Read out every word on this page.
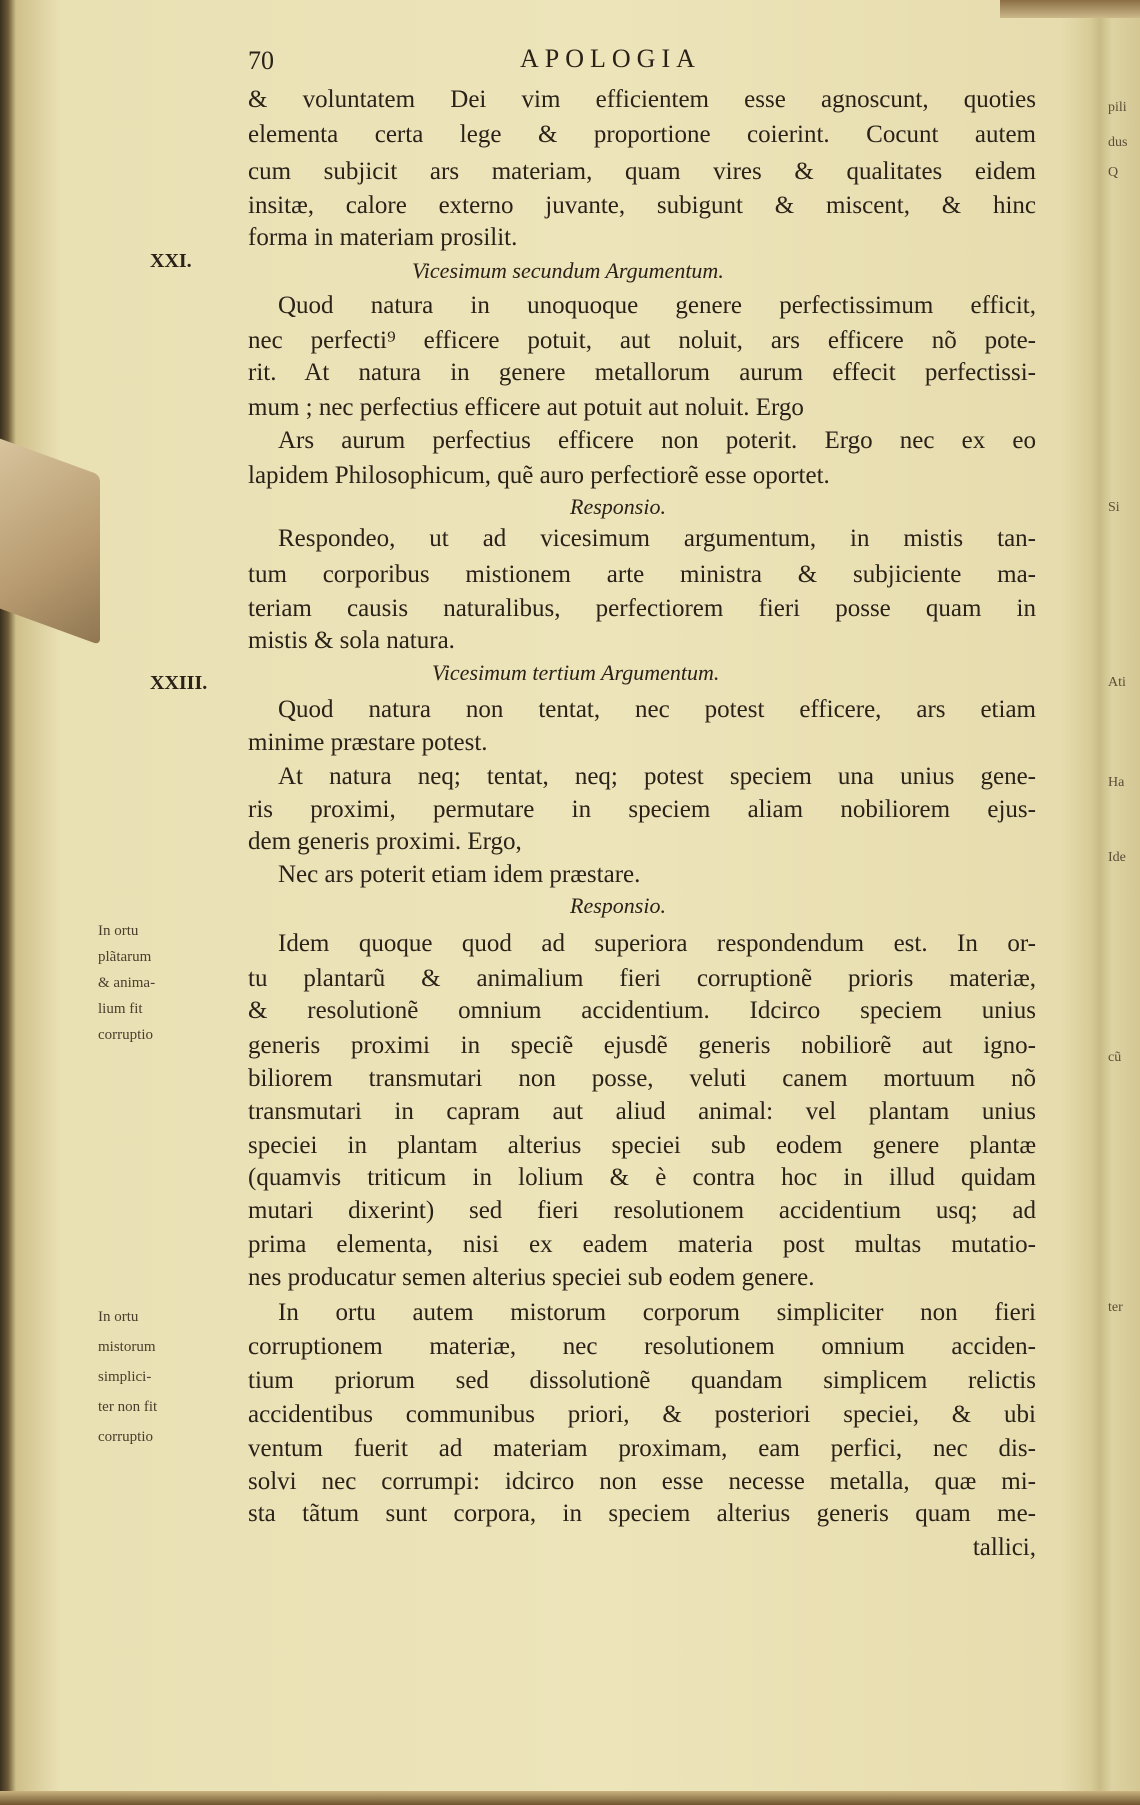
70	APOLOGIA
& voluntatem Dei vim efficientem esse agnoscunt, quoties
elementa certa lege & proportione coierint. Cocunt autem
cum subjicit ars materiam, quam vires & qualitates eidem
insitæ, calore externo juvante, subigunt & miscent, & hinc
forma in materiam prosilit.
Quod natura in unoquoque genere perfectissimum efficit,
nec perfecti⁹ efficere potuit, aut noluit, ars efficere nõ pote-
rit. At natura in genere metallorum aurum effecit perfectissi-
mum ; nec perfectius efficere aut potuit aut noluit. Ergo
Ars aurum perfectius efficere non poterit. Ergo nec ex eo
lapidem Philosophicum, quẽ auro perfectiorẽ esse oportet.
Respondeo, ut ad vicesimum argumentum, in mistis tan-
tum corporibus mistionem arte ministra & subjiciente ma-
teriam causis naturalibus, perfectiorem fieri posse quam in
mistis & sola natura.
Quod natura non tentat, nec potest efficere, ars etiam
minime præstare potest.
At natura neq; tentat, neq; potest speciem una unius gene-
ris proximi, permutare in speciem aliam nobiliorem ejus-
dem generis proximi. Ergo,
Nec ars poterit etiam idem præstare.
Idem quoque quod ad superiora respondendum est. In or-
tu plantarũ & animalium fieri corruptionẽ prioris materiæ,
& resolutionẽ omnium accidentium. Idcirco speciem unius
generis proximi in speciẽ ejusdẽ generis nobiliorẽ aut igno-
biliorem transmutari non posse, veluti canem mortuum nõ
transmutari in capram aut aliud animal: vel plantam unius
speciei in plantam alterius speciei sub eodem genere plantæ
(quamvis triticum in lolium & è contra hoc in illud quidam
mutari dixerint) sed fieri resolutionem accidentium usq; ad
prima elementa, nisi ex eadem materia post multas mutatio-
nes producatur semen alterius speciei sub eodem genere.
In ortu autem mistorum corporum simpliciter non fieri
corruptionem materiæ, nec resolutionem omnium acciden-
tium priorum sed dissolutionẽ quandam simplicem relictis
accidentibus communibus priori, & posteriori speciei, & ubi
ventum fuerit ad materiam proximam, eam perfici, nec dis-
solvi nec corrumpi: idcirco non esse necesse metalla, quæ mi-
sta tãtum sunt corpora, in speciem alterius generis quam me-
tallici,
XXI.	Vicesimum secundum Argumentum.
Responsio.
XXIII.	Vicesimum tertium Argumentum.
Responsio.
In ortu
plãtarum
& anima-
lium fit
corruptio
In ortu
mistorum
simplici-
ter non fit
corruptio
pili
dus
Q
Si
Ati
Ha
Ide
cũ
ter
